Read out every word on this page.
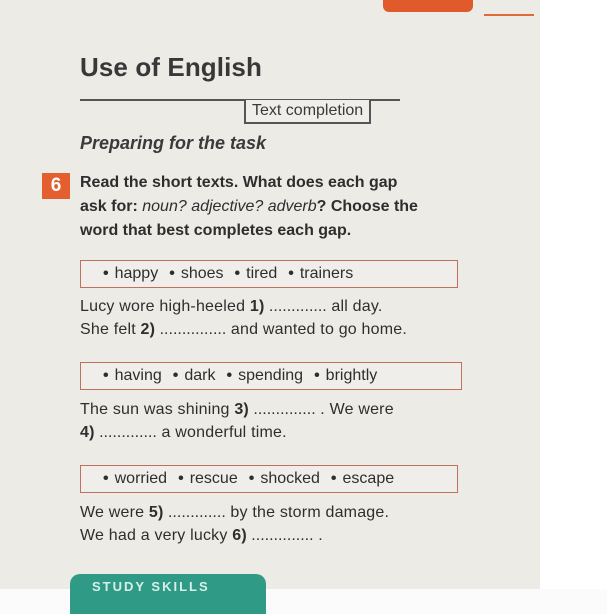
Use of English
Text completion
Preparing for the task
6	Read the short texts. What does each gap
ask for: noun? adjective? adverb? Choose the
word that best completes each gap.
• happy	• shoes	• tired	• trainers
Lucy wore high-heeled 1) ............. all day.
She felt 2) ............... and wanted to go home.
• having	• dark	• spending	• brightly
The sun was shining 3) .............. . We were
4) ............. a wonderful time.
• worried	• rescue	• shocked	• escape
We were 5) ............. by the storm damage.
We had a very lucky 6) .............. .
STUDY SKILLS
